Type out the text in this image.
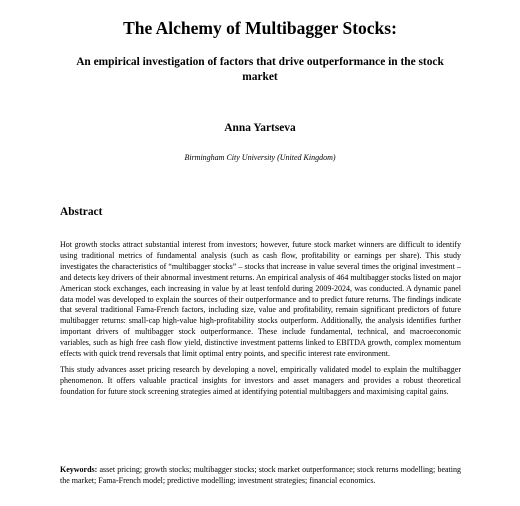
The Alchemy of Multibagger Stocks:
An empirical investigation of factors that drive outperformance in the stock market
Anna Yartseva
Birmingham City University (United Kingdom)
Abstract

Hot growth stocks attract substantial interest from investors; however, future stock market winners are difficult to identify using traditional metrics of fundamental analysis (such as cash flow, profitability or earnings per share). This study investigates the characteristics of “multibagger stocks” – stocks that increase in value several times the original investment – and detects key drivers of their abnormal investment returns. An empirical analysis of 464 multibagger stocks listed on major American stock exchanges, each increasing in value by at least tenfold during 2009-2024, was conducted. A dynamic panel data model was developed to explain the sources of their outperformance and to predict future returns. The findings indicate that several traditional Fama-French factors, including size, value and profitability, remain significant predictors of future multibagger returns: small-cap high-value high-profitability stocks outperform. Additionally, the analysis identifies further important drivers of multibagger stock outperformance. These include fundamental, technical, and macroeconomic variables, such as high free cash flow yield, distinctive investment patterns linked to EBITDA growth, complex momentum effects with quick trend reversals that limit optimal entry points, and specific interest rate environment.

This study advances asset pricing research by developing a novel, empirically validated model to explain the multibagger phenomenon. It offers valuable practical insights for investors and asset managers and provides a robust theoretical foundation for future stock screening strategies aimed at identifying potential multibaggers and maximising capital gains.

Keywords: asset pricing; growth stocks; multibagger stocks; stock market outperformance; stock returns modelling; beating the market; Fama-French model; predictive modelling; investment strategies; financial economics.
